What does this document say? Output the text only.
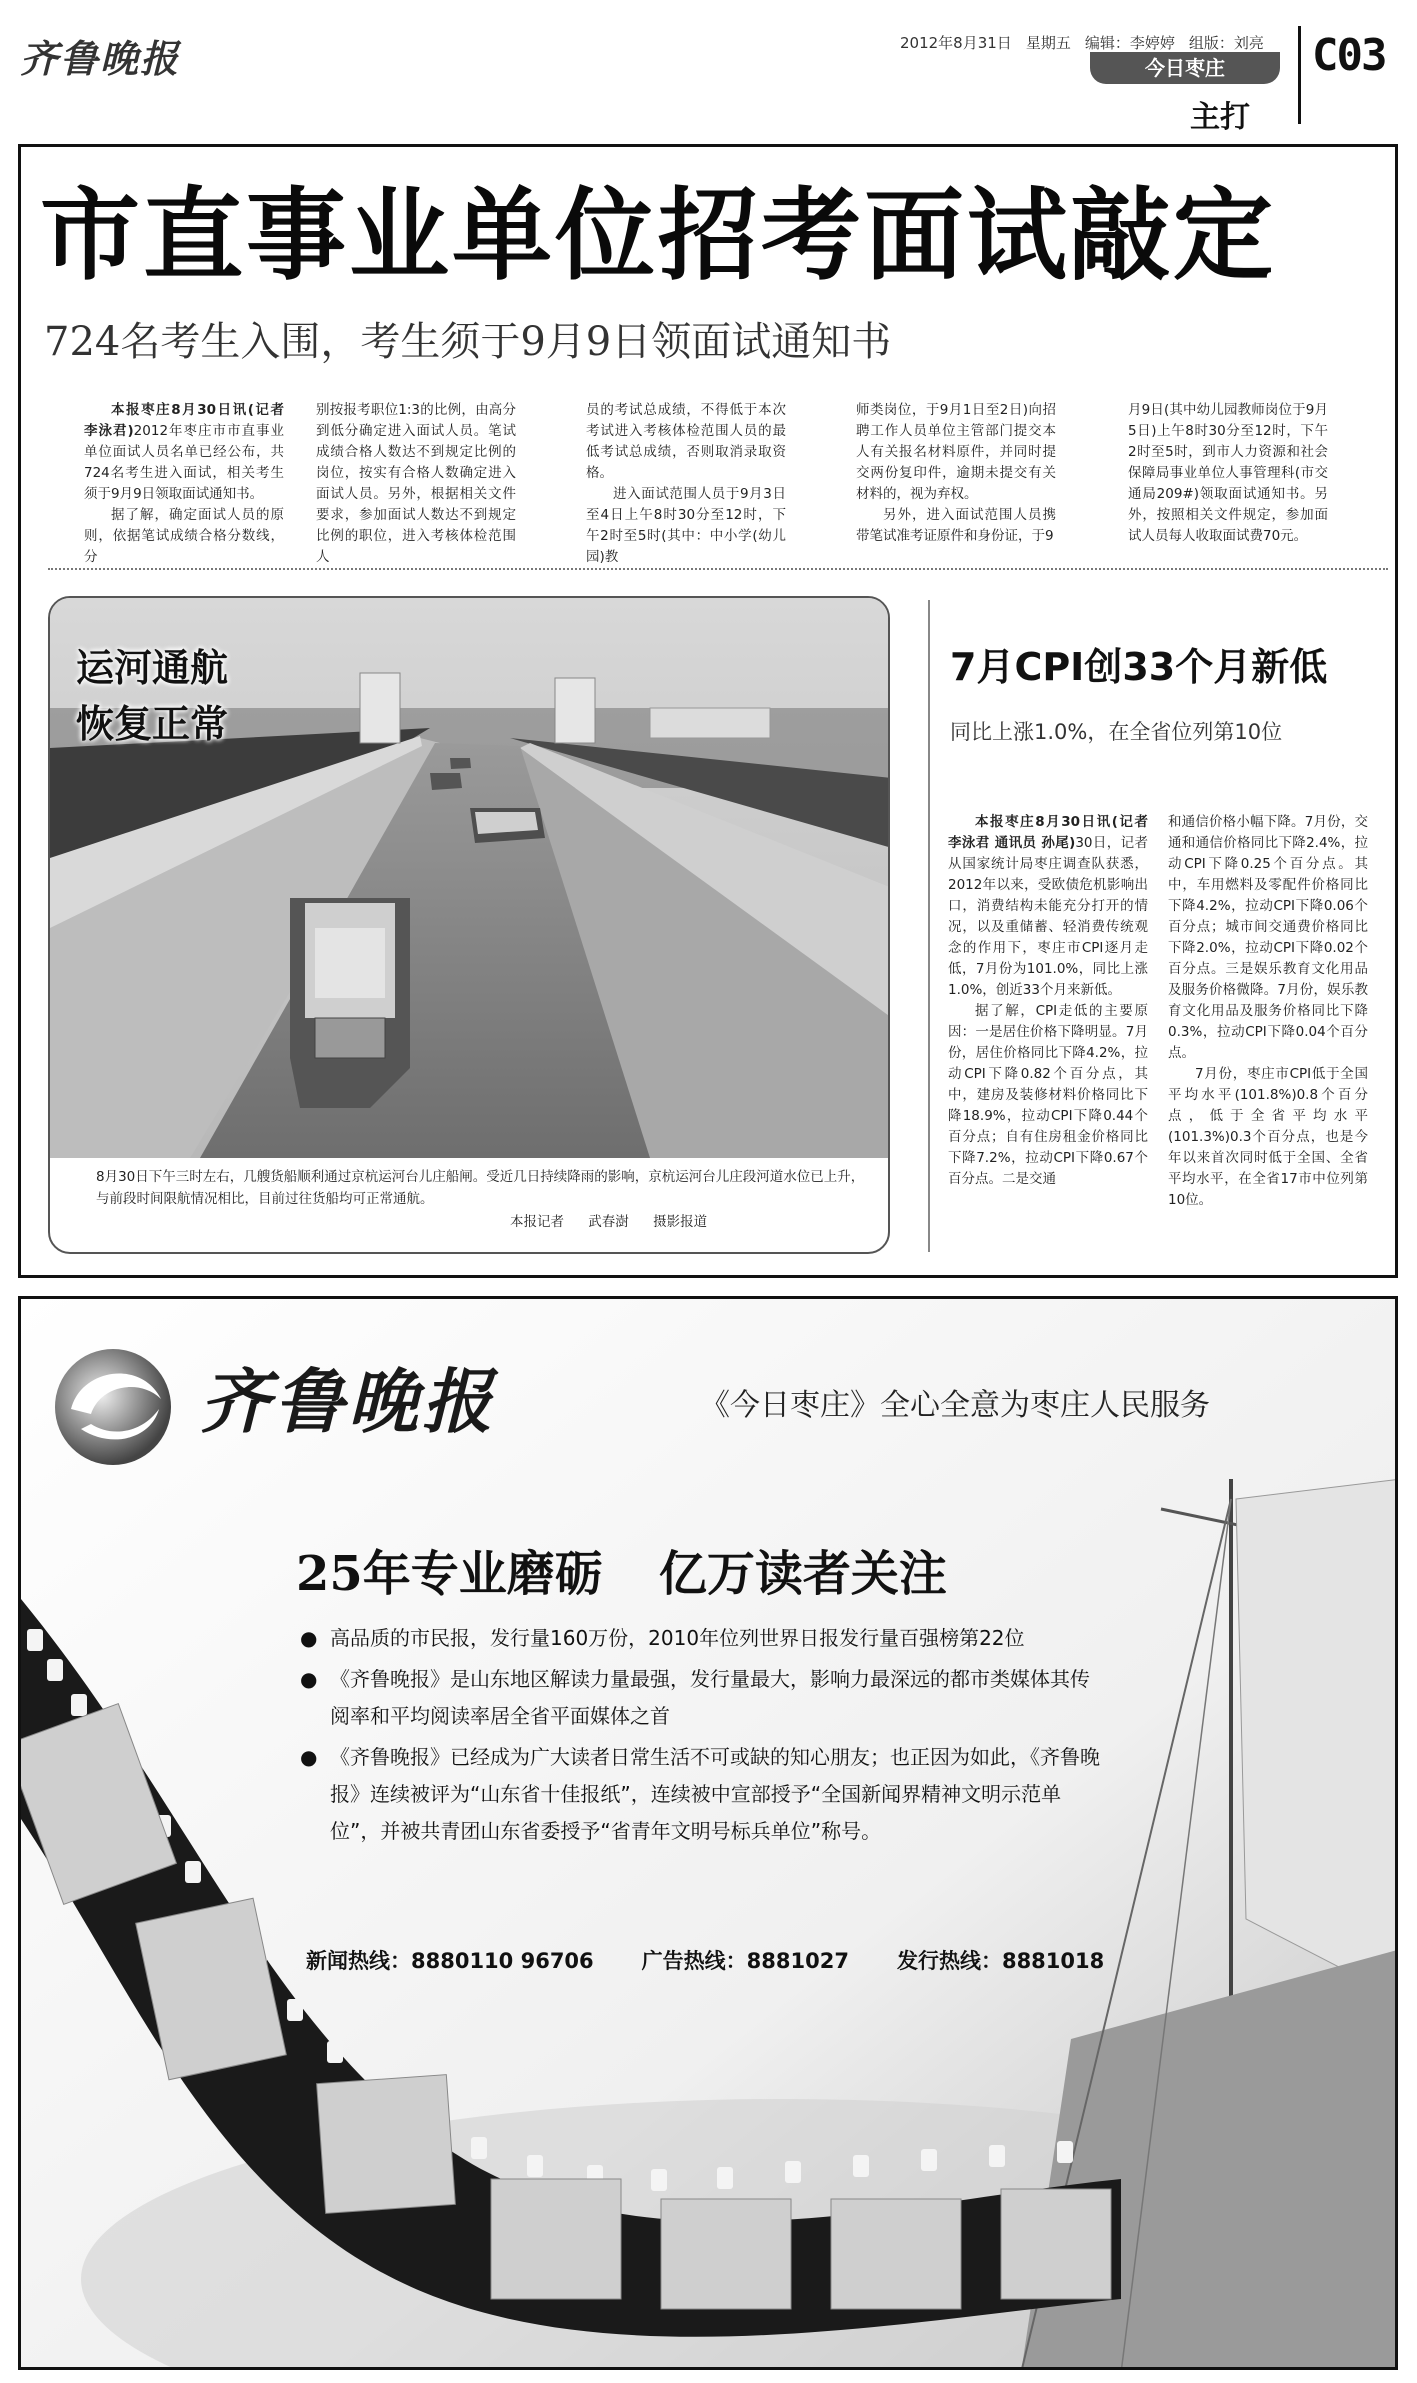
齐鲁晚报	2012年8月31日 星期五 编辑：李婷婷 组版：刘亮
今日枣庄
主打
C03
市直事业单位招考面试敲定
724名考生入围，考生须于9月9日领面试通知书

本报枣庄8月30日讯(记者 李泳君)2012年枣庄市市直事业单位面试人员名单已经公布，共724名考生进入面试，相关考生须于9月9日领取面试通知书。

据了解，确定面试人员的原则，依据笔试成绩合格分数线，分

别按报考职位1:3的比例，由高分到低分确定进入面试人员。笔试成绩合格人数达不到规定比例的岗位，按实有合格人数确定进入面试人员。另外，根据相关文件要求，参加面试人数达不到规定比例的职位，进入考核体检范围人

员的考试总成绩，不得低于本次考试进入考核体检范围人员的最低考试总成绩，否则取消录取资格。

进入面试范围人员于9月3日至4日上午8时30分至12时，下午2时至5时(其中：中小学(幼儿园)教

师类岗位，于9月1日至2日)向招聘工作人员单位主管部门提交本人有关报名材料原件，并同时提交两份复印件，逾期未提交有关材料的，视为弃权。

另外，进入面试范围人员携带笔试准考证原件和身份证，于9

月9日(其中幼儿园教师岗位于9月5日)上午8时30分至12时，下午2时至5时，到市人力资源和社会保障局事业单位人事管理科(市交通局209#)领取面试通知书。另外，按照相关文件规定，参加面试人员每人收取面试费70元。

运河通航
恢复正常
8月30日下午三时左右，几艘货船顺利通过京杭运河台儿庄船闸。受近几日持续降雨的影响，京杭运河台儿庄段河道水位已上升，与前段时间限航情况相比，目前过往货船均可正常通航。
本报记者 武春澍 摄影报道
7月CPI创33个月新低
同比上涨1.0%，在全省位列第10位

本报枣庄8月30日讯(记者 李泳君 通讯员 孙尾)30日，记者从国家统计局枣庄调查队获悉，2012年以来，受欧债危机影响出口，消费结构未能充分打开的情况，以及重储蓄、轻消费传统观念的作用下，枣庄市CPI逐月走低，7月份为101.0%，同比上涨1.0%，创近33个月来新低。

据了解，CPI走低的主要原因：一是居住价格下降明显。7月份，居住价格同比下降4.2%，拉动CPI下降0.82个百分点，其中，建房及装修材料价格同比下降18.9%，拉动CPI下降0.44个百分点；自有住房租金价格同比下降7.2%，拉动CPI下降0.67个百分点。二是交通

和通信价格小幅下降。7月份，交通和通信价格同比下降2.4%，拉动CPI下降0.25个百分点。其中，车用燃料及零配件价格同比下降4.2%，拉动CPI下降0.06个百分点；城市间交通费价格同比下降2.0%，拉动CPI下降0.02个百分点。三是娱乐教育文化用品及服务价格微降。7月份，娱乐教育文化用品及服务价格同比下降0.3%，拉动CPI下降0.04个百分点。

7月份，枣庄市CPI低于全国平均水平(101.8%)0.8个百分点，低于全省平均水平(101.3%)0.3个百分点，也是今年以来首次同时低于全国、全省平均水平，在全省17市中位列第10位。

齐鲁晚报	《今日枣庄》全心全意为枣庄人民服务
25年专业磨砺 亿万读者关注
● 高品质的市民报，发行量160万份，2010年位列世界日报发行量百强榜第22位
● 《齐鲁晚报》是山东地区解读力量最强，发行量最大，影响力最深远的都市类媒体其传阅率和平均阅读率居全省平面媒体之首
● 《齐鲁晚报》已经成为广大读者日常生活不可或缺的知心朋友；也正因为如此，《齐鲁晚报》连续被评为“山东省十佳报纸”，连续被中宣部授予“全国新闻界精神文明示范单位”，并被共青团山东省委授予“省青年文明号标兵单位”称号。
新闻热线：8880110 96706 广告热线：8881027 发行热线：8881018
